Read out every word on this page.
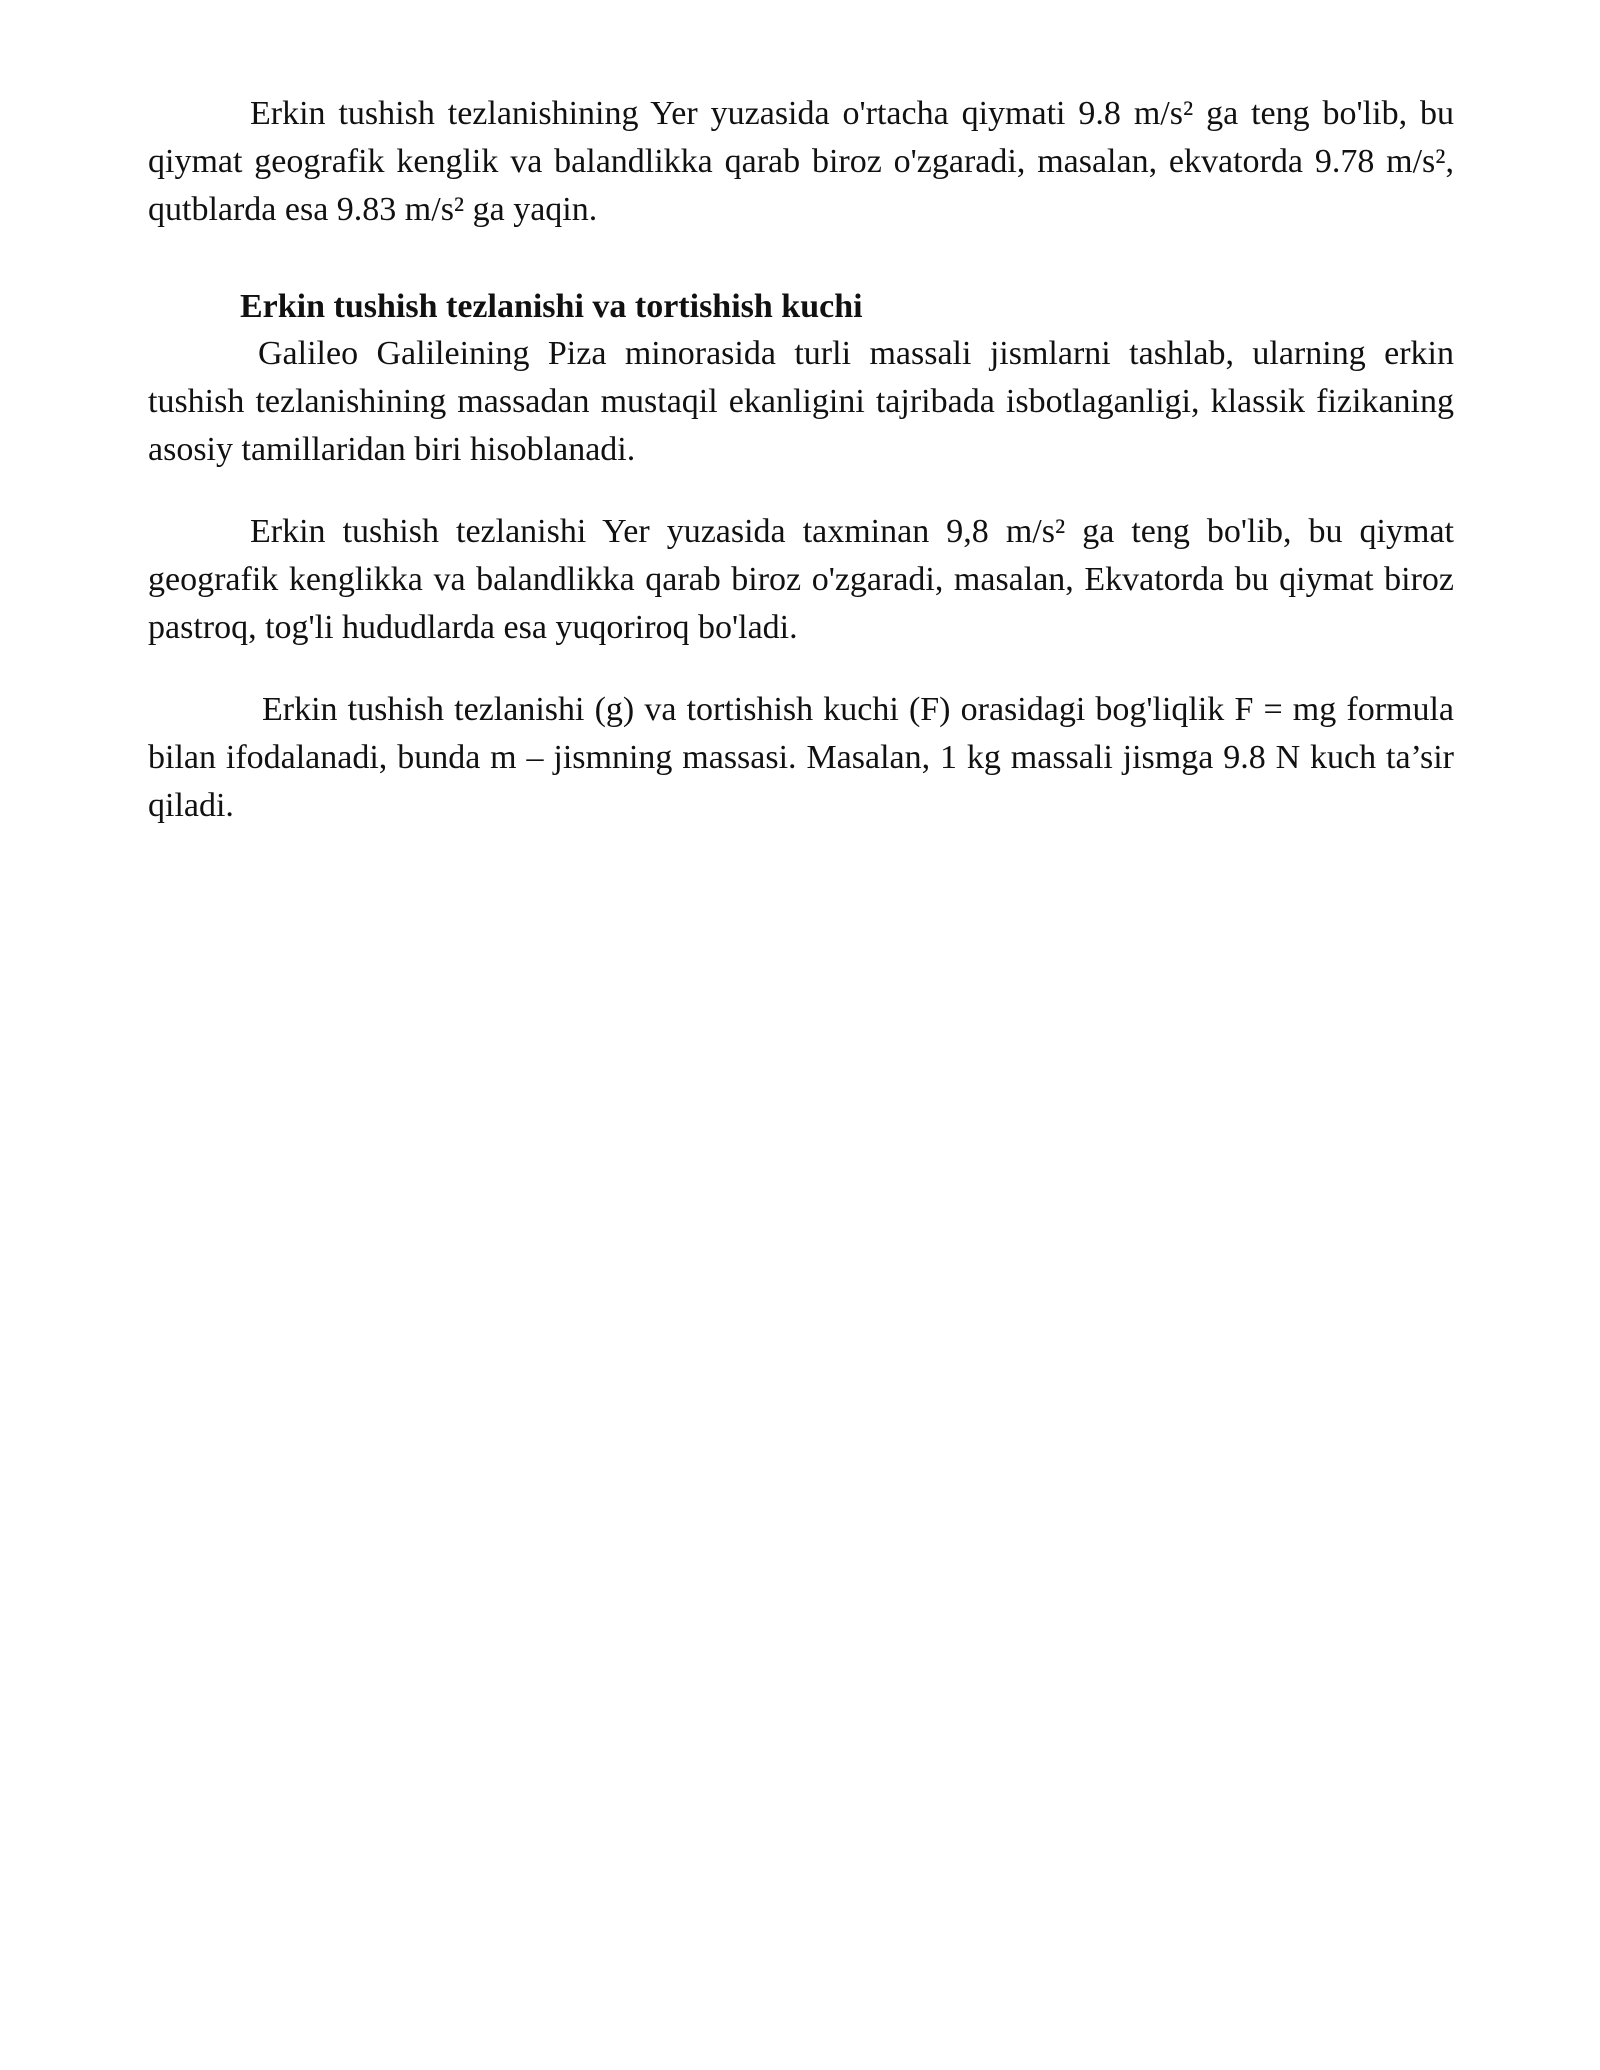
Erkin tushish tezlanishining Yer yuzasida o'rtacha qiymati 9.8 m/s² ga teng bo'lib, bu qiymat geografik kenglik va balandlikka qarab biroz o'zgaradi, masalan, ekvatorda 9.78 m/s², qutblarda esa 9.83 m/s² ga yaqin.

Erkin tushish tezlanishi va tortishish kuchi

Galileo Galileining Piza minorasida turli massali jismlarni tashlab, ularning erkin tushish tezlanishining massadan mustaqil ekanligini tajribada isbotlaganligi, klassik fizikaning asosiy tamillaridan biri hisoblanadi.

Erkin tushish tezlanishi Yer yuzasida taxminan 9,8 m/s² ga teng bo'lib, bu qiymat geografik kenglikka va balandlikka qarab biroz o'zgaradi, masalan, Ekvatorda bu qiymat biroz pastroq, tog'li hududlarda esa yuqoriroq bo'ladi.

Erkin tushish tezlanishi (g) va tortishish kuchi (F) orasidagi bog'liqlik F = mg formula bilan ifodalanadi, bunda m – jismning massasi. Masalan, 1 kg massali jismga 9.8 N kuch ta’sir qiladi.
